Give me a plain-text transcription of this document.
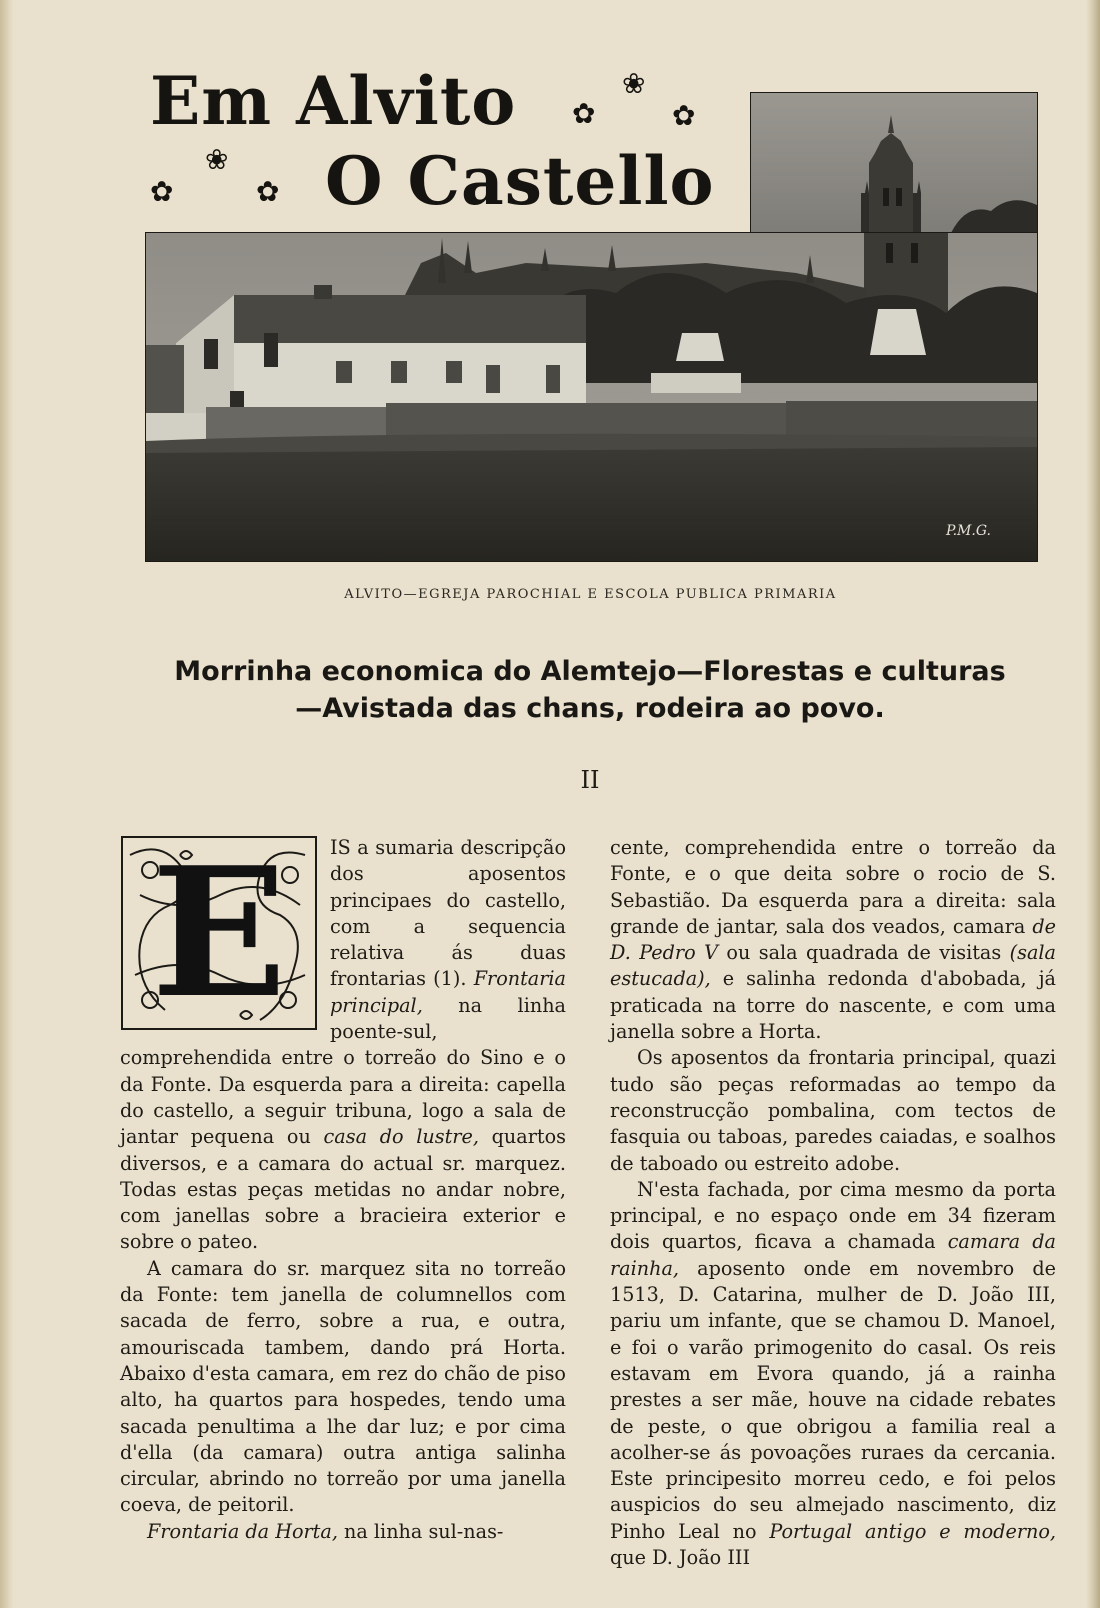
Em Alvito
O Castello
✿
❀
✿
❀
✿	✿
P.M.G.
ALVITO—EGREJA PAROCHIAL E ESCOLA PUBLICA PRIMARIA
Morrinha economica do Alemtejo—Florestas e culturas
—Avistada das chans, rodeira ao povo.
II
E	IS a sumaria descripção dos aposentos principaes do castello, com a sequencia relativa ás duas frontarias (1). Frontaria principal, na linha poente-sul, comprehendida entre o torreão do Sino e o da Fonte. Da esquerda para a direita: capella do castello, a seguir tribuna, logo a sala de jantar pequena ou casa do lustre, quartos diversos, e a camara do actual sr. marquez. Todas estas peças metidas no andar nobre, com janellas sobre a bracieira exterior e sobre o pateo.

A camara do sr. marquez sita no torreão da Fonte: tem janella de columnellos com sacada de ferro, sobre a rua, e outra, amouriscada tambem, dando prá Horta. Abaixo d'esta camara, em rez do chão de piso alto, ha quartos para hospedes, tendo uma sacada penultima a lhe dar luz; e por cima d'ella (da camara) outra antiga salinha circular, abrindo no torreão por uma janella coeva, de peitoril.

Frontaria da Horta, na linha sul-nas-

cente, comprehendida entre o torreão da Fonte, e o que deita sobre o rocio de S. Sebastião. Da esquerda para a direita: sala grande de jantar, sala dos veados, camara de D. Pedro V ou sala quadrada de visitas (sala estucada), e salinha redonda d'abobada, já praticada na torre do nascente, e com uma janella sobre a Horta.

Os aposentos da frontaria principal, quazi tudo são peças reformadas ao tempo da reconstrucção pombalina, com tectos de fasquia ou taboas, paredes caiadas, e soalhos de taboado ou estreito adobe.

N'esta fachada, por cima mesmo da porta principal, e no espaço onde em 34 fizeram dois quartos, ficava a chamada camara da rainha, aposento onde em novembro de 1513, D. Catarina, mulher de D. João III, pariu um infante, que se chamou D. Manoel, e foi o varão primogenito do casal. Os reis estavam em Evora quando, já a rainha prestes a ser mãe, houve na cidade rebates de peste, o que obrigou a familia real a acolher-se ás povoações ruraes da cercania. Este principesito morreu cedo, e foi pelos auspicios do seu almejado nascimento, diz Pinho Leal no Portugal antigo e moderno, que D. João III
